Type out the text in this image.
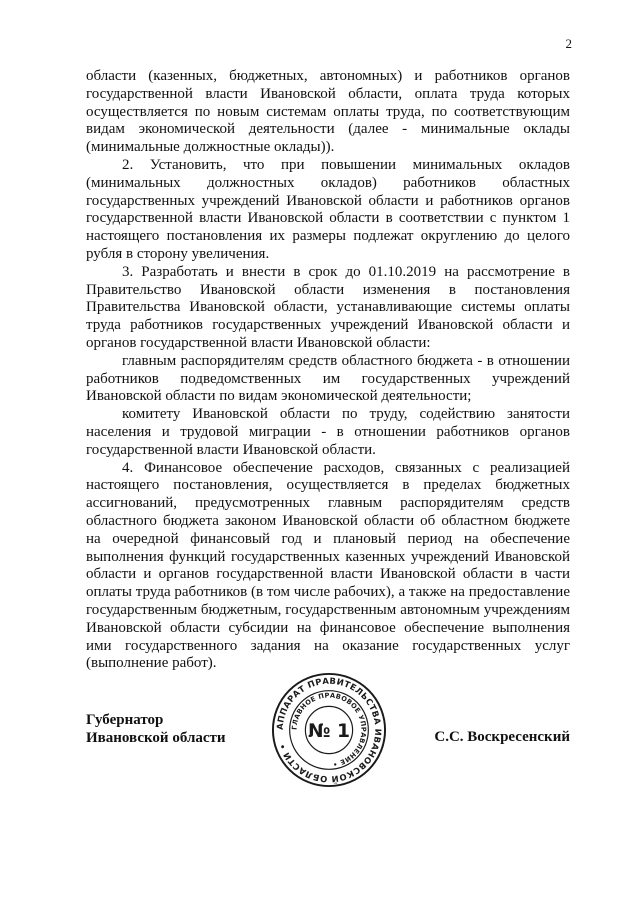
2

области (казенных, бюджетных, автономных) и работников органов государственной власти Ивановской области, оплата труда которых осуществляется по новым системам оплаты труда, по соответствующим видам экономической деятельности (далее - минимальные оклады (минимальные должностные оклады)).

2. Установить, что при повышении минимальных окладов (минимальных должностных окладов) работников областных государственных учреждений Ивановской области и работников органов государственной власти Ивановской области в соответствии с пунктом 1 настоящего постановления их размеры подлежат округлению до целого рубля в сторону увеличения.

3. Разработать и внести в срок до 01.10.2019 на рассмотрение в Правительство Ивановской области изменения в постановления Правительства Ивановской области, устанавливающие системы оплаты труда работников государственных учреждений Ивановской области и органов государственной власти Ивановской области:

главным распорядителям средств областного бюджета - в отношении работников подведомственных им государственных учреждений Ивановской области по видам экономической деятельности;

комитету Ивановской области по труду, содействию занятости населения и трудовой миграции - в отношении работников органов государственной власти Ивановской области.

4. Финансовое обеспечение расходов, связанных с реализацией настоящего постановления, осуществляется в пределах бюджетных ассигнований, предусмотренных главным распорядителям средств областного бюджета законом Ивановской области об областном бюджете на очередной финансовый год и плановый период на обеспечение выполнения функций государственных казенных учреждений Ивановской области и органов государственной власти Ивановской области в части оплаты труда работников (в том числе рабочих), а также на предоставление государственным бюджетным, государственным автономным учреждениям Ивановской области субсидии на финансовое обеспечение выполнения ими государственного задания на оказание государственных услуг (выполнение работ).

Губернатор
Ивановской области
АППАРАТ ПРАВИТЕЛЬСТВА ИВАНОВСКОЙ ОБЛАСТИ •
ГЛАВНОЕ ПРАВОВОЕ УПРАВЛЕНИЕ •
№ 1	С.С. Воскресенский
